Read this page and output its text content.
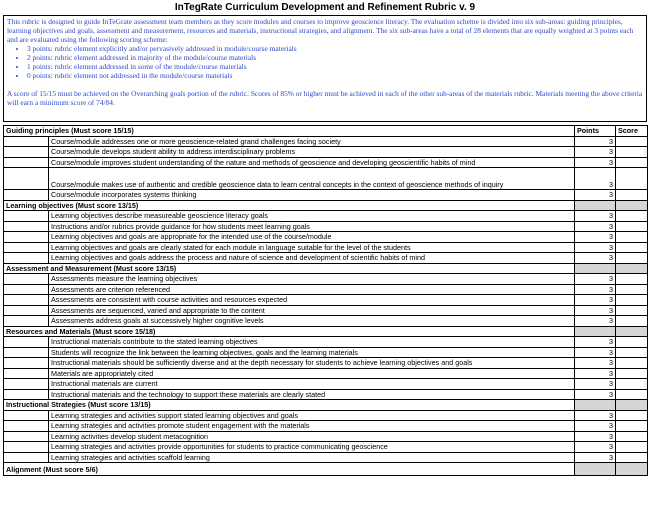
InTegRate Curriculum Development and Refinement Rubric v. 9

This rubric is designed to guide InTeGrate assessment team members as they score modules and courses to improve geoscience literacy. The evaluation scheme is divided into six sub-areas: guiding principles, learning objectives and goals, assessment and measurement, resources and materials, instructional strategies, and alignment. The six sub-areas have a total of 28 elements that are equally weighted at 3 points each and are evaluated using the following scoring scheme:

• 3 points: rubric element explicitly and/or pervasively addressed in module/course materials
• 2 points: rubric element addressed in majority of the module/course materials
• 1 points: rubric element addressed in some of the module/course materials
• 0 points: rubric element not addressed in the module/course materials

A score of 15/15 must be achieved on the Overarching goals portion of the rubric. Scores of 85% or higher must be achieved in each of the other sub-areas of the materials rubric. Materials meeting the above criteria will earn a minimum score of 74/84.

Guiding principles (Must score 15/15)		Points	Score
	Course/module addresses one or more geoscience-related grand challenges facing society	3	
	Course/module develops student ability to address interdisciplinary problems	3	
	Course/module improves student understanding of the nature and methods of geoscience and developing geoscientific habits of mind	3	
	Course/module makes use of authentic and credible geoscience data to learn central concepts in the context of geoscience methods of inquiry	3	
	Course/module incorporates systems thinking	3	
Learning objectives (Must score 13/15)			
	Learning objectives describe measureable geoscience literacy goals	3	
	Instructions and/or rubrics provide guidance for how students meet learning goals	3	
	Learning objectives and goals are appropriate for the intended use of the course/module	3	
	Learning objectives and goals are clearly stated for each module in language suitable for the level of the students	3	
	Learning objectives and goals address the process and nature of science and development of scientific habits of mind	3	
Assessment and Measurement (Must score 13/15)			
	Assessments measure the learning objectives	3	
	Assessments are criterion referenced	3	
	Assessments are consistent with course activities and resources expected	3	
	Assessments are sequenced, varied and appropriate to the content	3	
	Assessments address goals at successively higher cognitive levels	3	
Resources and Materials (Must score 15/18)			
	Instructional materials contribute to the stated learning objectives	3	
	Students will recognize the link between the learning objectives, goals and the learning materials	3	
	Instructional materials should be sufficiently diverse and at the depth necessary for students to achieve learning objectives and goals	3	
	Materials are appropriately cited	3	
	Instructional materials are current	3	
	Instructional materials and the technology to support these materials are clearly stated	3	
Instructional Strategies (Must score 13/15)			
	Learning strategies and activities support stated learning objectives and goals	3	
	Learning strategies and activities promote student engagement with the materials	3	
	Learning activities develop student metacognition	3	
	Learning strategies and activities provide opportunities for students to practice communicating geoscience	3	
	Learning strategies and activities scaffold learning	3	
Alignment (Must score 5/6)			
